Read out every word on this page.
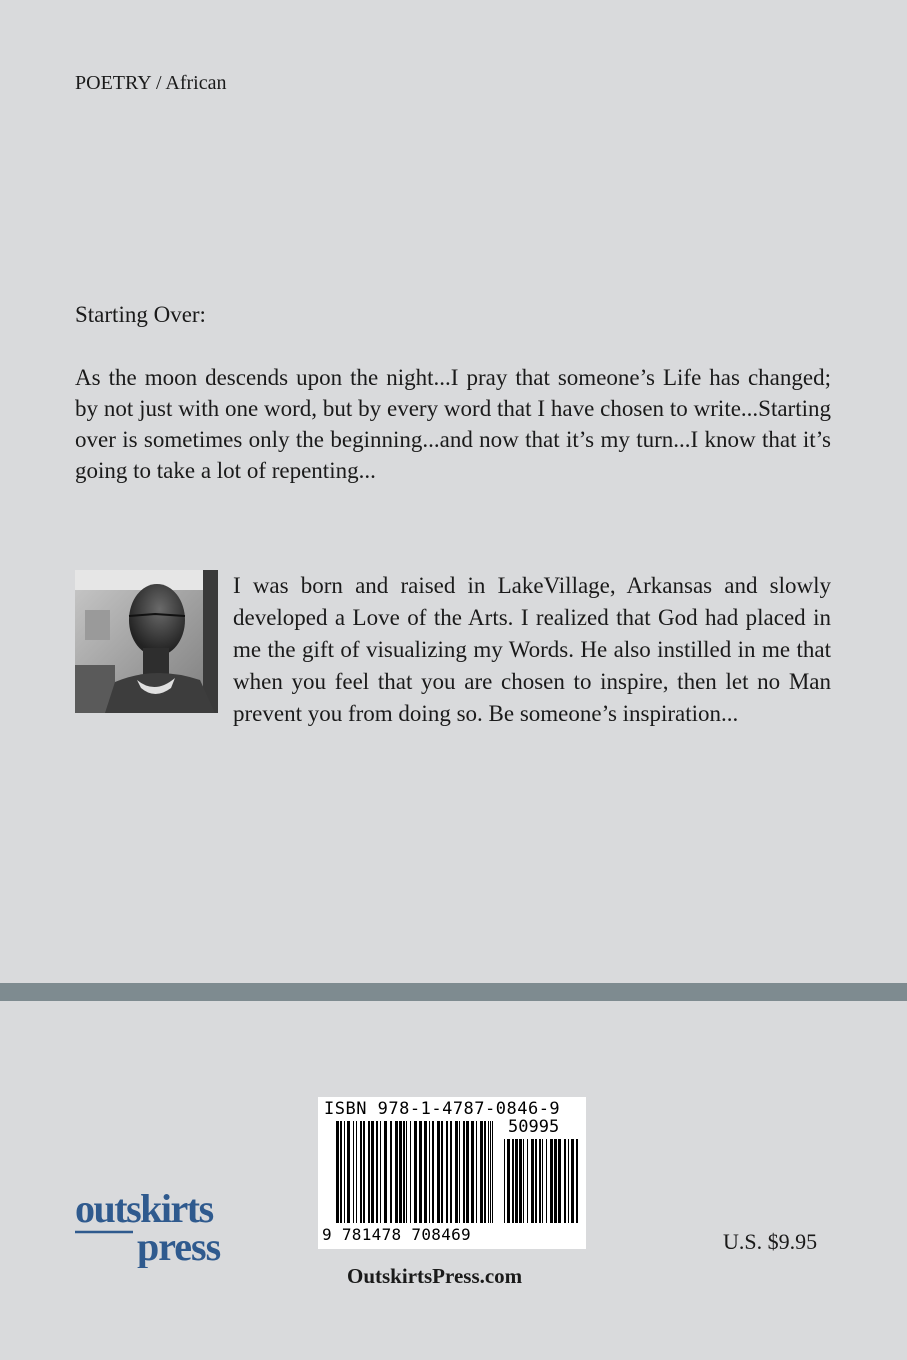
POETRY / African
Starting Over:

As the moon descends upon the night...I pray that someone’s Life has changed; by not just with one word, but by every word that I have chosen to write...Starting over is sometimes only the beginning...and now that it’s my turn...I know that it’s going to take a lot of repenting...

I was born and raised in LakeVillage, Arkansas and slowly developed a Love of the Arts. I realized that God had placed in me the gift of visualizing my Words. He also instilled in me that when you feel that you are chosen to inspire, then let no Man prevent you from doing so. Be someone’s inspiration...

ISBN 978-1-4787-0846-9
50995
9 781478 708469
outskirts
press	U.S. $9.95
OutskirtsPress.com
